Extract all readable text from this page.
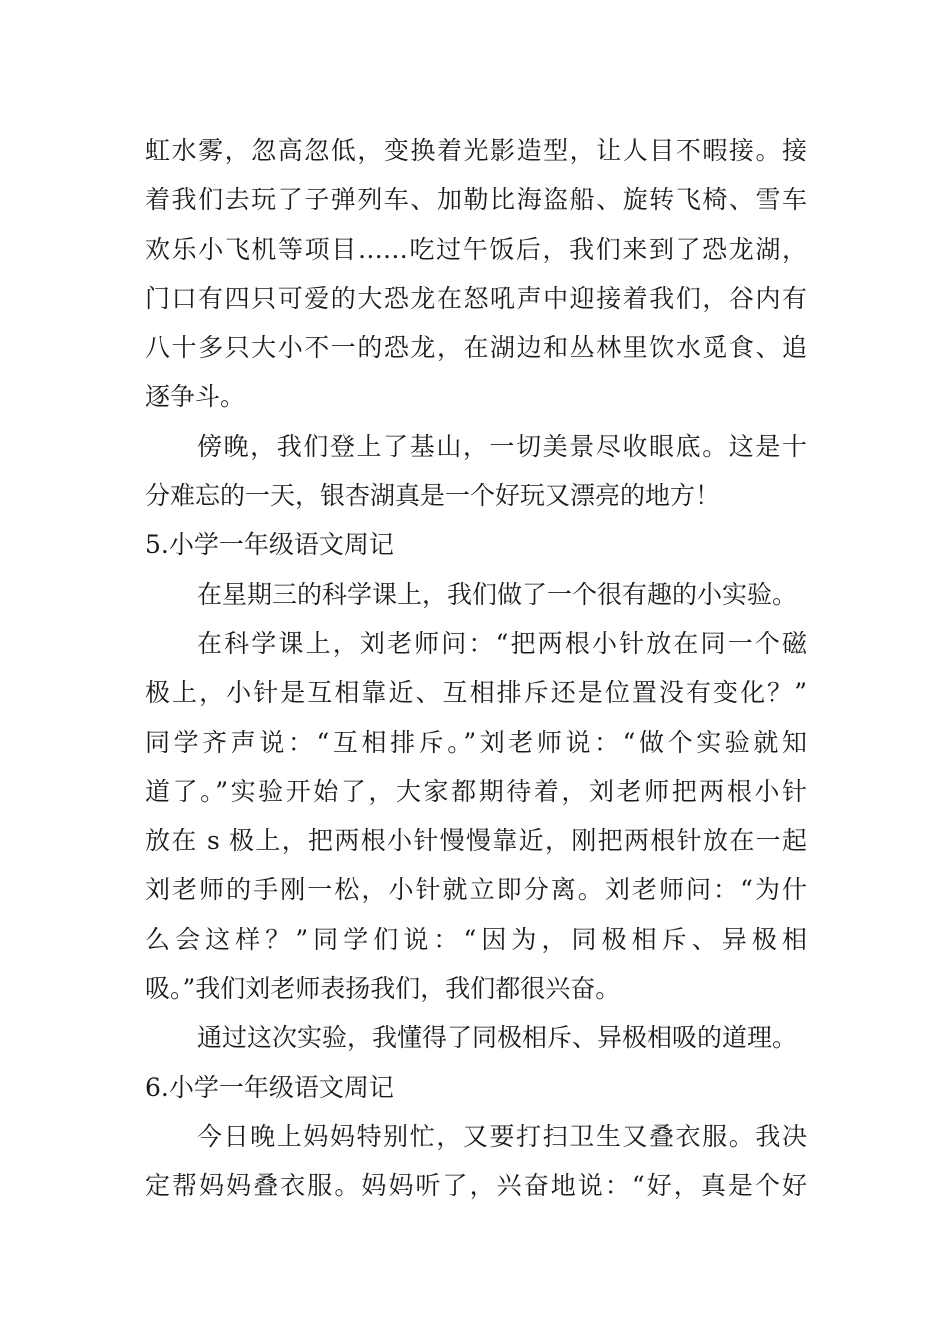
虹水雾，忽高忽低，变换着光影造型，让人目不暇接。接
着我们去玩了子弹列车、加勒比海盗船、旋转飞椅、雪车
欢乐小飞机等项目……吃过午饭后，我们来到了恐龙湖，
门口有四只可爱的大恐龙在怒吼声中迎接着我们，谷内有
八十多只大小不一的恐龙，在湖边和丛林里饮水觅食、追
逐争斗。
傍晚，我们登上了基山，一切美景尽收眼底。这是十
分难忘的一天，银杏湖真是一个好玩又漂亮的地方！
5.小学一年级语文周记
在星期三的科学课上，我们做了一个很有趣的小实验。
在科学课上，刘老师问：“把两根小针放在同一个磁
极上，小针是互相靠近、互相排斥还是位置没有变化？”
同学齐声说：“互相排斥。”刘老师说：“做个实验就知
道了。”实验开始了，大家都期待着，刘老师把两根小针
放在 s 极上，把两根小针慢慢靠近，刚把两根针放在一起
刘老师的手刚一松，小针就立即分离。刘老师问：“为什
么会这样？”同学们说：“因为，同极相斥、异极相
吸。”我们刘老师表扬我们，我们都很兴奋。
通过这次实验，我懂得了同极相斥、异极相吸的道理。
6.小学一年级语文周记
今日晚上妈妈特别忙，又要打扫卫生又叠衣服。我决
定帮妈妈叠衣服。妈妈听了，兴奋地说：“好，真是个好
